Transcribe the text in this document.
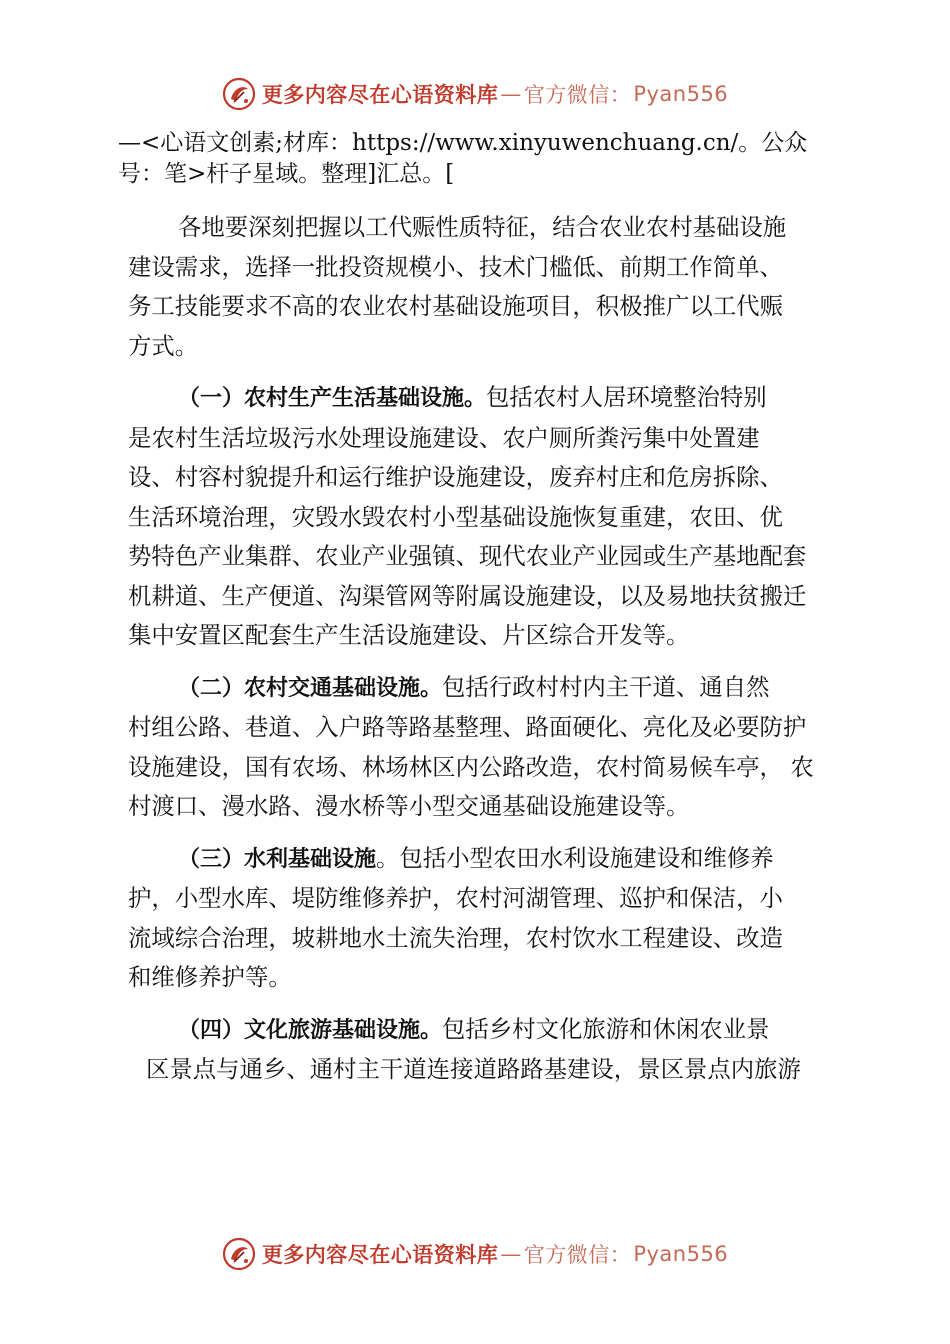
更多内容尽在心语资料库 — 官方微信： Pyan556
—<心语文创素;材库：https://www.xinyuwenchuang.cn/。公众
号：笔>杆子星域。整理]汇总。[
各地要深刻把握以工代赈性质特征，结合农业农村基础设施
建设需求，选择一批投资规模小、技术门槛低、前期工作简单、
务工技能要求不高的农业农村基础设施项目，积极推广以工代赈
方式。
（一）农村生产生活基础设施。包括农村人居环境整治特别
是农村生活垃圾污水处理设施建设、农户厕所粪污集中处置建
设、村容村貌提升和运行维护设施建设，废弃村庄和危房拆除、
生活环境治理，灾毁水毁农村小型基础设施恢复重建，农田、优
势特色产业集群、农业产业强镇、现代农业产业园或生产基地配套
机耕道、生产便道、沟渠管网等附属设施建设，以及易地扶贫搬迁
集中安置区配套生产生活设施建设、片区综合开发等。
（二）农村交通基础设施。包括行政村村内主干道、通自然
村组公路、巷道、入户路等路基整理、路面硬化、亮化及必要防护
设施建设，国有农场、林场林区内公路改造，农村简易候车亭， 农
村渡口、漫水路、漫水桥等小型交通基础设施建设等。
（三）水利基础设施。包括小型农田水利设施建设和维修养
护，小型水库、堤防维修养护，农村河湖管理、巡护和保洁，小
流域综合治理，坡耕地水土流失治理，农村饮水工程建设、改造
和维修养护等。
（四）文化旅游基础设施。包括乡村文化旅游和休闲农业景
区景点与通乡、通村主干道连接道路路基建设，景区景点内旅游
更多内容尽在心语资料库 — 官方微信： Pyan556
